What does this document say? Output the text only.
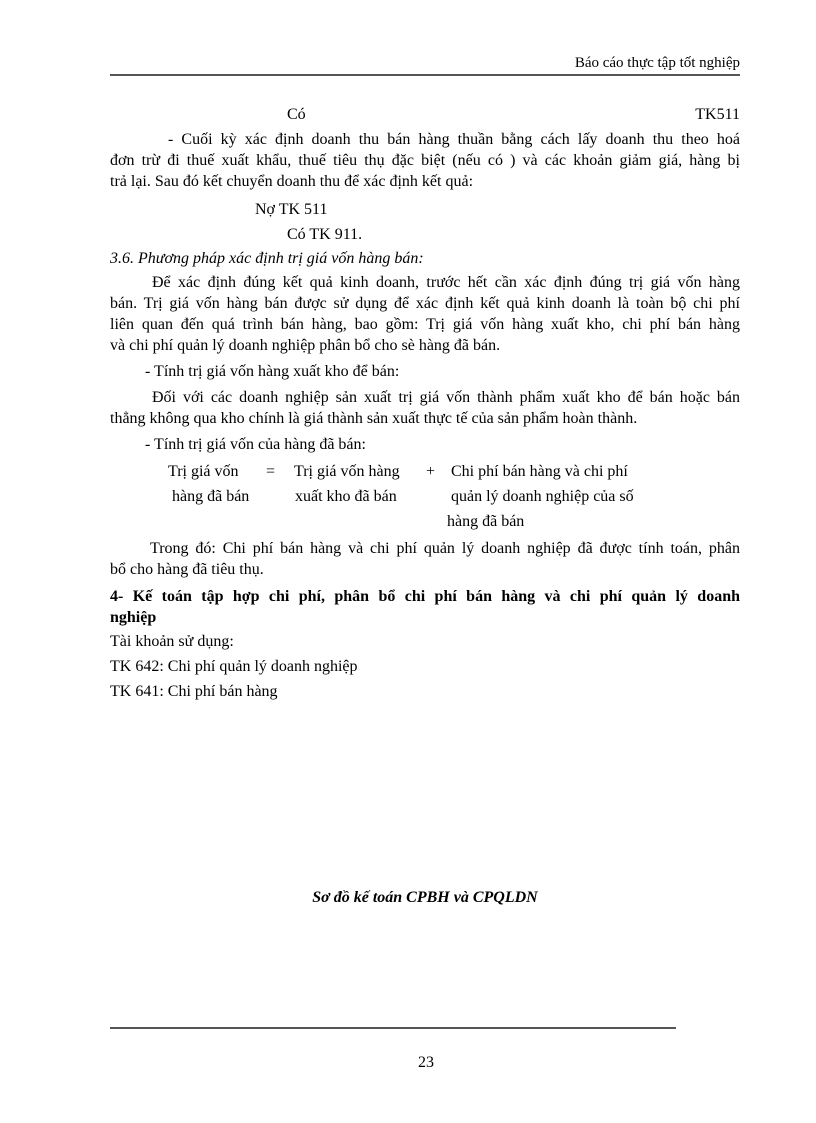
Báo cáo thực tập tốt nghiệp
Có	TK511
- Cuối kỳ xác định doanh thu bán hàng thuần bằng cách lấy doanh thu theo hoá
đơn trừ đi thuế xuất khẩu, thuế tiêu thụ đặc biệt (nếu có ) và các khoản giảm giá, hàng bị
trả lại. Sau đó kết chuyển doanh thu để xác định kết quả:
Nợ TK 511
Có TK 911.
3.6. Phương pháp xác định trị giá vốn hàng bán:
Để xác định đúng kết quả kinh doanh, trước hết cần xác định đúng trị giá vốn hàng
bán. Trị giá vốn hàng bán được sử dụng để xác định kết quả kinh doanh là toàn bộ chi phí
liên quan đến quá trình bán hàng, bao gồm: Trị giá vốn hàng xuất kho, chi phí bán hàng
và chi phí quản lý doanh nghiệp phân bổ cho sè hàng đã bán.
- Tính trị giá vốn hàng xuất kho để bán:
Đối với các doanh nghiệp sản xuất trị giá vốn thành phẩm xuất kho để bán hoặc bán
thẳng không qua kho chính là giá thành sản xuất thực tế của sản phẩm hoàn thành.
- Tính trị giá vốn của hàng đã bán:
Trị giá vốn
hàng đã bán
= Trị giá vốn hàng
xuất kho đã bán
+ Chi phí bán hàng và chi phí
quản lý doanh nghiệp của số
hàng đã bán
Trong đó: Chi phí bán hàng và chi phí quản lý doanh nghiệp đã được tính toán, phân
bổ cho hàng đã tiêu thụ.
4- Kế toán tập hợp chi phí, phân bổ chi phí bán hàng và chi phí quản lý doanh
nghiệp
Tài khoản sử dụng:
TK 642: Chi phí quản lý doanh nghiệp
TK 641: Chi phí bán hàng
Sơ đồ kế toán CPBH và CPQLDN
23
